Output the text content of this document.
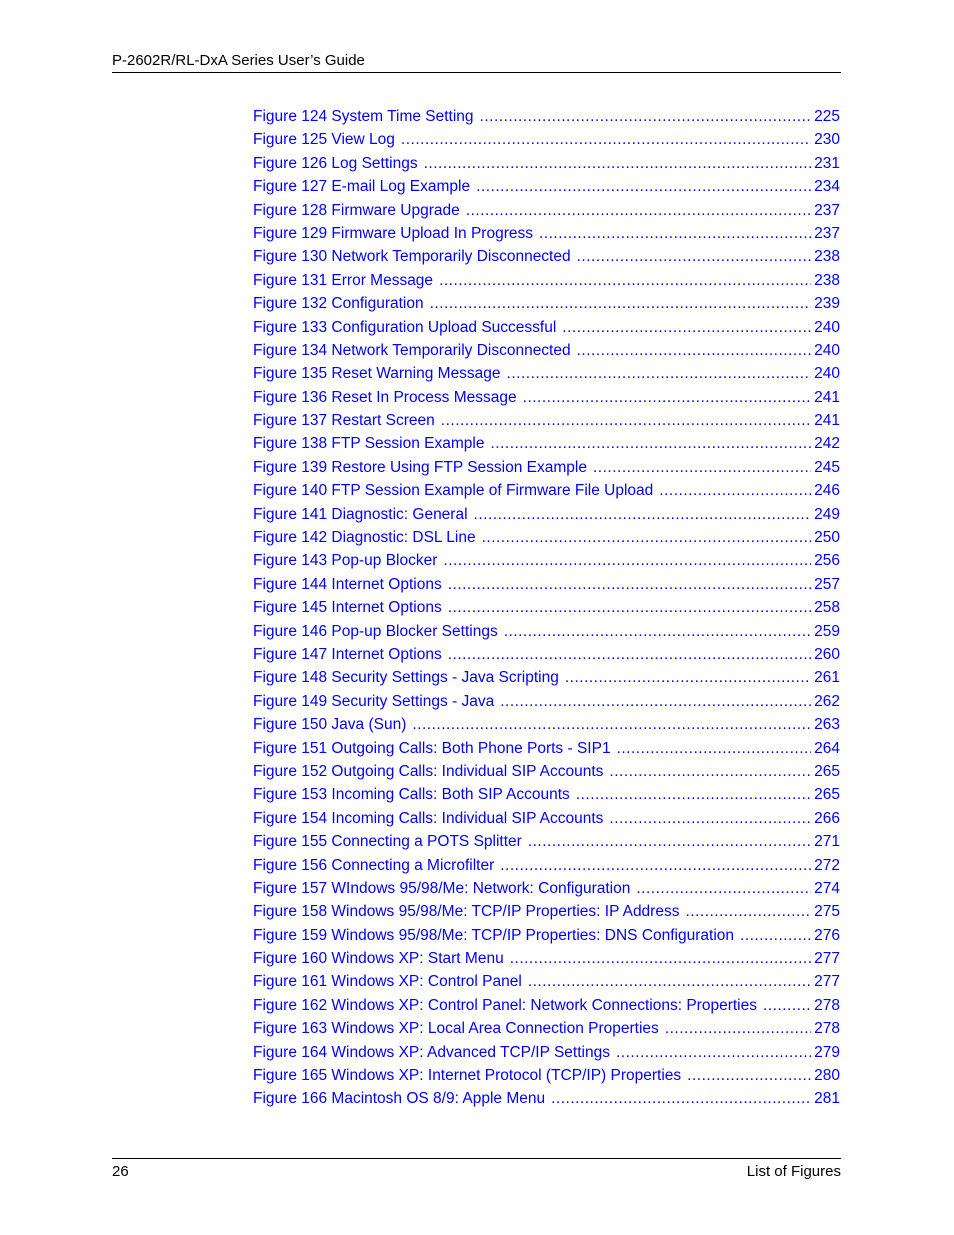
P-2602R/RL-DxA Series User’s Guide
Figure 124 System Time Setting .....	225
Figure 125 View Log .....	230
Figure 126 Log Settings .....	231
Figure 127 E-mail Log Example .....	234
Figure 128 Firmware Upgrade .....	237
Figure 129 Firmware Upload In Progress .....	237
Figure 130 Network Temporarily Disconnected .....	238
Figure 131 Error Message .....	238
Figure 132 Configuration .....	239
Figure 133 Configuration Upload Successful .....	240
Figure 134 Network Temporarily Disconnected .....	240
Figure 135 Reset Warning Message .....	240
Figure 136 Reset In Process Message .....	241
Figure 137 Restart Screen .....	241
Figure 138 FTP Session Example .....	242
Figure 139 Restore Using FTP Session Example .....	245
Figure 140 FTP Session Example of Firmware File Upload .....	246
Figure 141 Diagnostic: General .....	249
Figure 142 Diagnostic: DSL Line .....	250
Figure 143 Pop-up Blocker .....	256
Figure 144 Internet Options .....	257
Figure 145 Internet Options .....	258
Figure 146 Pop-up Blocker Settings .....	259
Figure 147 Internet Options .....	260
Figure 148 Security Settings - Java Scripting .....	261
Figure 149 Security Settings - Java .....	262
Figure 150 Java (Sun) .....	263
Figure 151 Outgoing Calls: Both Phone Ports - SIP1 .....	264
Figure 152 Outgoing Calls: Individual SIP Accounts .....	265
Figure 153 Incoming Calls: Both SIP Accounts .....	265
Figure 154 Incoming Calls: Individual SIP Accounts .....	266
Figure 155 Connecting a POTS Splitter .....	271
Figure 156 Connecting a Microfilter .....	272
Figure 157 WIndows 95/98/Me: Network: Configuration .....	274
Figure 158 Windows 95/98/Me: TCP/IP Properties: IP Address .....	275
Figure 159 Windows 95/98/Me: TCP/IP Properties: DNS Configuration .....	276
Figure 160 Windows XP: Start Menu .....	277
Figure 161 Windows XP: Control Panel .....	277
Figure 162 Windows XP: Control Panel: Network Connections: Properties .....	278
Figure 163 Windows XP: Local Area Connection Properties .....	278
Figure 164 Windows XP: Advanced TCP/IP Settings .....	279
Figure 165 Windows XP: Internet Protocol (TCP/IP) Properties .....	280
Figure 166 Macintosh OS 8/9: Apple Menu .....	281
26	List of Figures
